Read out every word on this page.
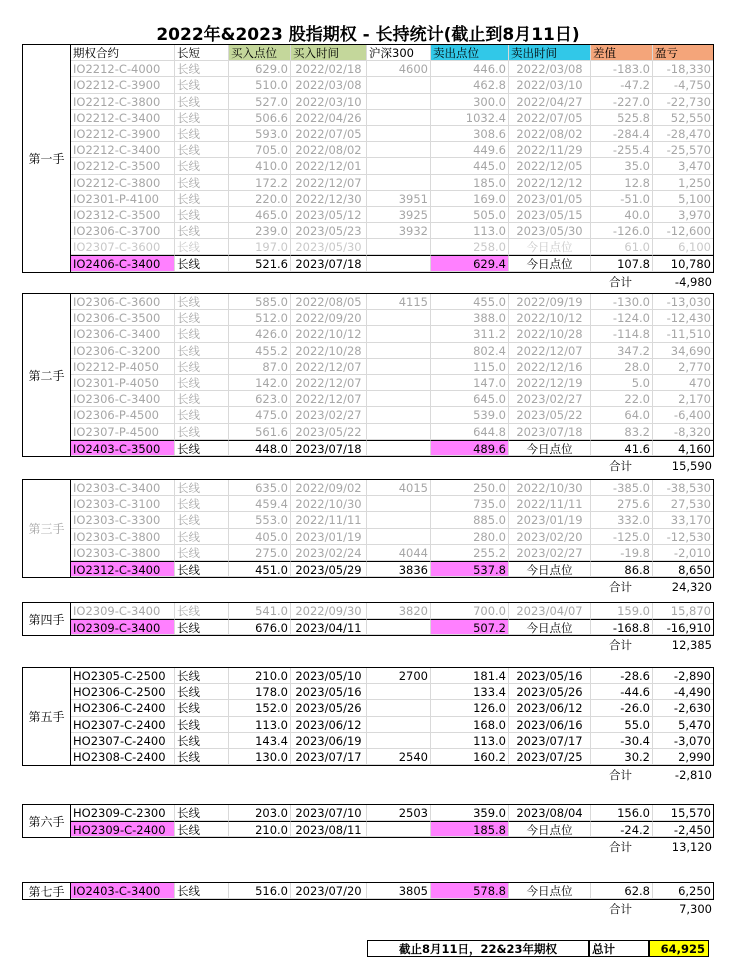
2022年&2023 股指期权 - 长持统计(截止到8月11日)
第一手
期权合约	长短	买入点位	买入时间	沪深300	卖出点位	卖出时间	差值	盈亏
IO2212-C-4000	长线	629.0 2022/02/18	4600	446.0 2022/03/08	-183.0	-18,330
IO2212-C-3900	长线	510.0 2022/03/08	462.8 2022/03/10	-47.2	-4,750
IO2212-C-3800	长线	527.0 2022/03/10	300.0 2022/04/27	-227.0	-22,730
IO2212-C-3400	长线	506.6 2022/04/26	1032.4 2022/07/05	525.8	52,550
IO2212-C-3900	长线	593.0 2022/07/05	308.6 2022/08/02	-284.4	-28,470
IO2212-C-3400	长线	705.0 2022/08/02	449.6 2022/11/29	-255.4	-25,570
IO2212-C-3500	长线	410.0 2022/12/01	445.0 2022/12/05	35.0	3,470
IO2212-C-3800	长线	172.2 2022/12/07	185.0 2022/12/12	12.8	1,250
IO2301-P-4100	长线	220.0 2022/12/30	3951	169.0 2023/01/05	-51.0	5,100
IO2312-C-3500	长线	465.0 2023/05/12	3925	505.0 2023/05/15	40.0	3,970
IO2306-C-3700	长线	239.0 2023/05/23	3932	113.0 2023/05/30	-126.0	-12,600
IO2307-C-3600	长线	197.0 2023/05/30	258.0	今日点位	61.0	6,100
IO2406-C-3400	长线	521.6 2023/07/18	629.4	今日点位	107.8	10,780
合计	-4,980
第二手
IO2306-C-3600	长线	585.0 2022/08/05	4115	455.0 2022/09/19	-130.0	-13,030
IO2306-C-3500	长线	512.0 2022/09/20	388.0 2022/10/12	-124.0	-12,430
IO2306-C-3400	长线	426.0 2022/10/12	311.2 2022/10/28	-114.8	-11,510
IO2306-C-3200	长线	455.2 2022/10/28	802.4 2022/12/07	347.2	34,690
IO2212-P-4050	长线	87.0 2022/12/07	115.0 2022/12/16	28.0	2,770
IO2301-P-4050	长线	142.0 2022/12/07	147.0 2022/12/19	5.0	470
IO2306-C-3400	长线	623.0 2022/12/07	645.0 2023/02/27	22.0	2,170
IO2306-P-4500	长线	475.0 2023/02/27	539.0 2023/05/22	64.0	-6,400
IO2307-P-4500	长线	561.6 2023/05/22	644.8 2023/07/18	83.2	-8,320
IO2403-C-3500	长线	448.0 2023/07/18	489.6	今日点位	41.6	4,160
合计	15,590
第三手
IO2303-C-3400	长线	635.0 2022/09/02	4015	250.0 2022/10/30	-385.0	-38,530
IO2303-C-3100	长线	459.4 2022/10/30	735.0 2022/11/11	275.6	27,530
IO2303-C-3300	长线	553.0 2022/11/11	885.0 2023/01/19	332.0	33,170
IO2303-C-3800	长线	405.0 2023/01/19	280.0 2023/02/20	-125.0	-12,530
IO2303-C-3800	长线	275.0 2023/02/24	4044	255.2 2023/02/27	-19.8	-2,010
IO2312-C-3400	长线	451.0 2023/05/29	3836	537.8	今日点位	86.8	8,650
合计	24,320
第四手
IO2309-C-3400	长线	541.0 2022/09/30	3820	700.0 2023/04/07	159.0	15,870
IO2309-C-3400	长线	676.0 2023/04/11	507.2	今日点位	-168.8	-16,910
合计	12,385
第五手
HO2305-C-2500 长线	210.0 2023/05/10	2700	181.4 2023/05/16	-28.6	-2,890
HO2306-C-2500 长线	178.0 2023/05/16	133.4 2023/05/26	-44.6	-4,490
HO2306-C-2400 长线	152.0 2023/05/26	126.0 2023/06/12	-26.0	-2,630
HO2307-C-2400 长线	113.0 2023/06/12	168.0 2023/06/16	55.0	5,470
HO2307-C-2400 长线	143.4 2023/06/19	113.0 2023/07/17	-30.4	-3,070
HO2308-C-2400 长线	130.0 2023/07/17	2540	160.2 2023/07/25	30.2	2,990
合计	-2,810
第六手
HO2309-C-2300 长线	203.0 2023/07/10	2503	359.0 2023/08/04	156.0	15,570
HO2309-C-2400 长线	210.0 2023/08/11	185.8	今日点位	-24.2	-2,450
合计	13,120
第七手 IO2403-C-3400	长线	516.0 2023/07/20	3805	578.8	今日点位	62.8	6,250
合计	7,300
截止8月11日，22&23年期权	总计	64,925
